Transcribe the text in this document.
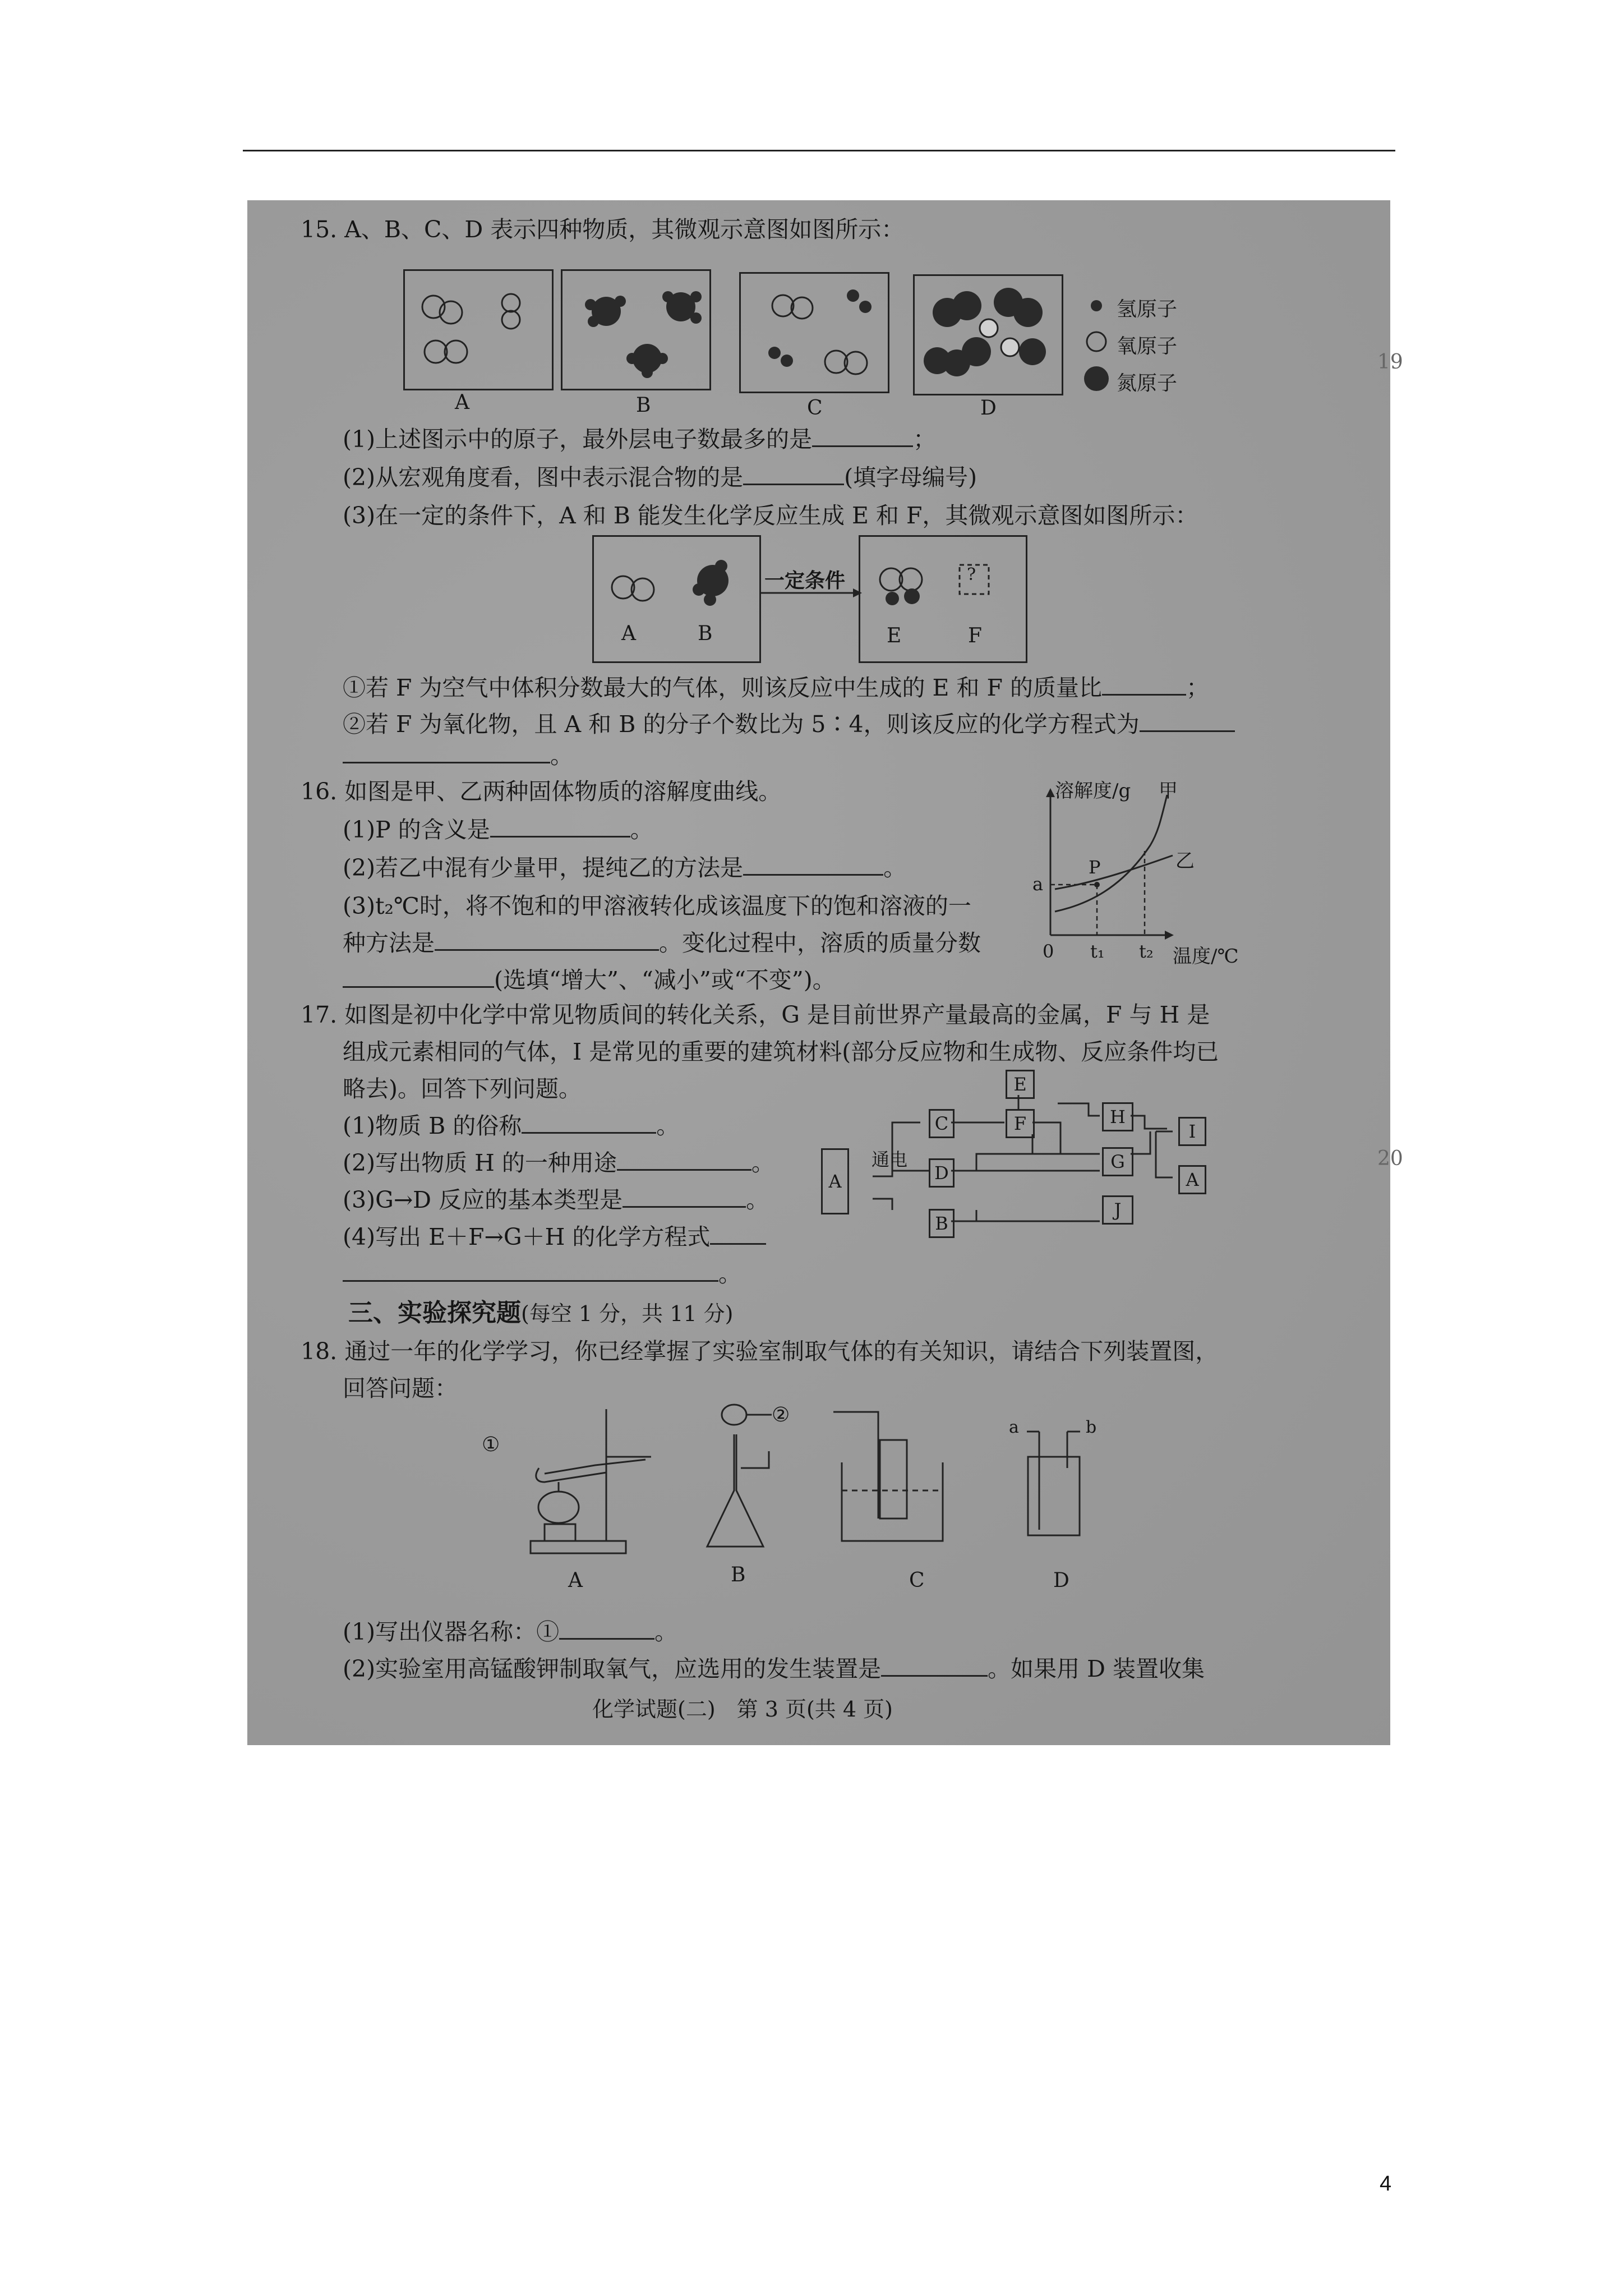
15. A、B、C、D 表示四种物质，其微观示意图如图所示：
A	B	C	D
氢原子
氧原子
氮原子
(1)上述图示中的原子，最外层电子数最多的是	；
(2)从宏观角度看，图中表示混合物的是	(填字母编号)
(3)在一定的条件下，A 和 B 能发生化学反应生成 E 和 F，其微观示意图如图所示：
?
一定条件
A	B	E	F
①若 F 为空气中体积分数最大的气体，则该反应中生成的 E 和 F 的质量比	；
②若 F 为氧化物，且 A 和 B 的分子个数比为 5∶4，则该反应的化学方程式为
。
16. 如图是甲、乙两种固体物质的溶解度曲线。
(1)P 的含义是	。
(2)若乙中混有少量甲，提纯乙的方法是	。
(3)t₂℃时，将不饱和的甲溶液转化成该温度下的饱和溶液的一
种方法是	。变化过程中，溶质的质量分数
(选填“增大”、“减小”或“不变”)。
溶解度/g 甲
乙
P
a
0 t₁ t₂ 温度/℃
17. 如图是初中化学中常见物质间的转化关系，G 是目前世界产量最高的金属，F 与 H 是
组成元素相同的气体，I 是常见的重要的建筑材料(部分反应物和生成物、反应条件均已
略去)。回答下列问题。
(1)物质 B 的俗称	。
(2)写出物质 H 的一种用途	。
(3)G→D 反应的基本类型是	。
(4)写出 E＋F→G＋H 的化学方程式
。
A
通电
C
D
E
F	H
G
I
A
B
J
三、实验探究题(每空 1 分，共 11 分)
18. 通过一年的化学学习，你已经掌握了实验室制取气体的有关知识，请结合下列装置图，
回答问题：
①
②
a	b
A	B	C	D
(1)写出仪器名称：①	。
(2)实验室用高锰酸钾制取氧气，应选用的发生装置是	。如果用 D 装置收集
化学试题(二)　第 3 页(共 4 页)
19
20
4
